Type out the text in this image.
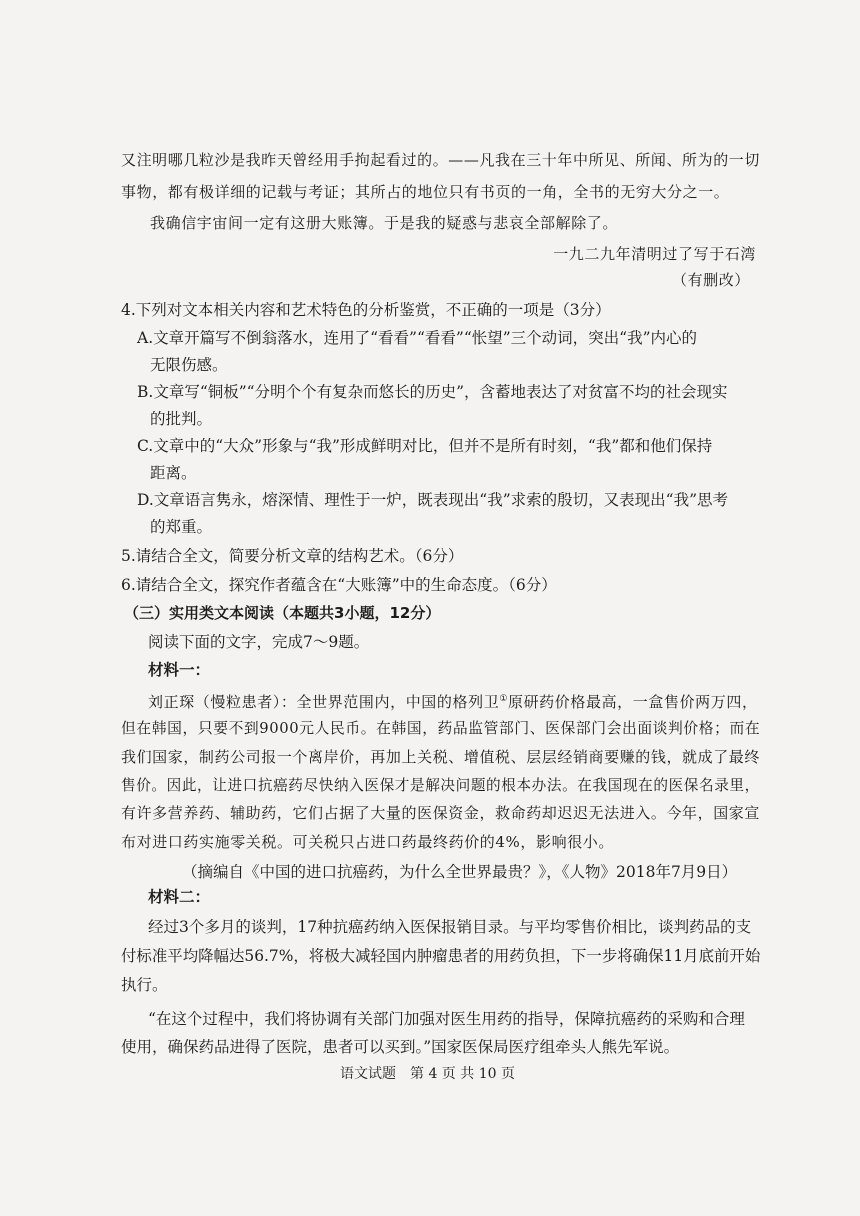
又注明哪几粒沙是我昨天曾经用手拘起看过的。——凡我在三十年中所见、所闻、所为的一切
事物，都有极详细的记载与考证；其所占的地位只有书页的一角，全书的无穷大分之一。
我确信宇宙间一定有这册大账簿。于是我的疑惑与悲哀全部解除了。
一九二九年清明过了写于石湾
（有删改）
4.下列对文本相关内容和艺术特色的分析鉴赏，不正确的一项是（3分）
A.文章开篇写不倒翁落水，连用了“看看”“看看”“怅望”三个动词，突出“我”内心的
无限伤感。
B.文章写“铜板”“分明个个有复杂而悠长的历史”，含蓄地表达了对贫富不均的社会现实
的批判。
C.文章中的“大众”形象与“我”形成鲜明对比，但并不是所有时刻，“我”都和他们保持
距离。
D.文章语言隽永，熔深情、理性于一炉，既表现出“我”求索的殷切，又表现出“我”思考
的郑重。
5.请结合全文，简要分析文章的结构艺术。（6分）
6.请结合全文，探究作者蕴含在“大账簿”中的生命态度。（6分）
（三）实用类文本阅读（本题共3小题，12分）
阅读下面的文字，完成7～9题。
材料一：
刘正琛（慢粒患者）：全世界范围内，中国的格列卫①原研药价格最高，一盒售价两万四，
但在韩国，只要不到9000元人民币。在韩国，药品监管部门、医保部门会出面谈判价格；而在
我们国家，制药公司报一个离岸价，再加上关税、增值税、层层经销商要赚的钱，就成了最终
售价。因此，让进口抗癌药尽快纳入医保才是解决问题的根本办法。在我国现在的医保名录里，
有许多营养药、辅助药，它们占据了大量的医保资金，救命药却迟迟无法进入。今年，国家宣
布对进口药实施零关税。可关税只占进口药最终药价的4%，影响很小。
（摘编自《中国的进口抗癌药，为什么全世界最贵？》，《人物》2018年7月9日）
材料二：
经过3个多月的谈判，17种抗癌药纳入医保报销目录。与平均零售价相比，谈判药品的支
付标准平均降幅达56.7%，将极大减轻国内肿瘤患者的用药负担，下一步将确保11月底前开始
执行。
“在这个过程中，我们将协调有关部门加强对医生用药的指导，保障抗癌药的采购和合理
使用，确保药品进得了医院，患者可以买到。”国家医保局医疗组牵头人熊先军说。
语文试题　第 4 页 共 10 页
